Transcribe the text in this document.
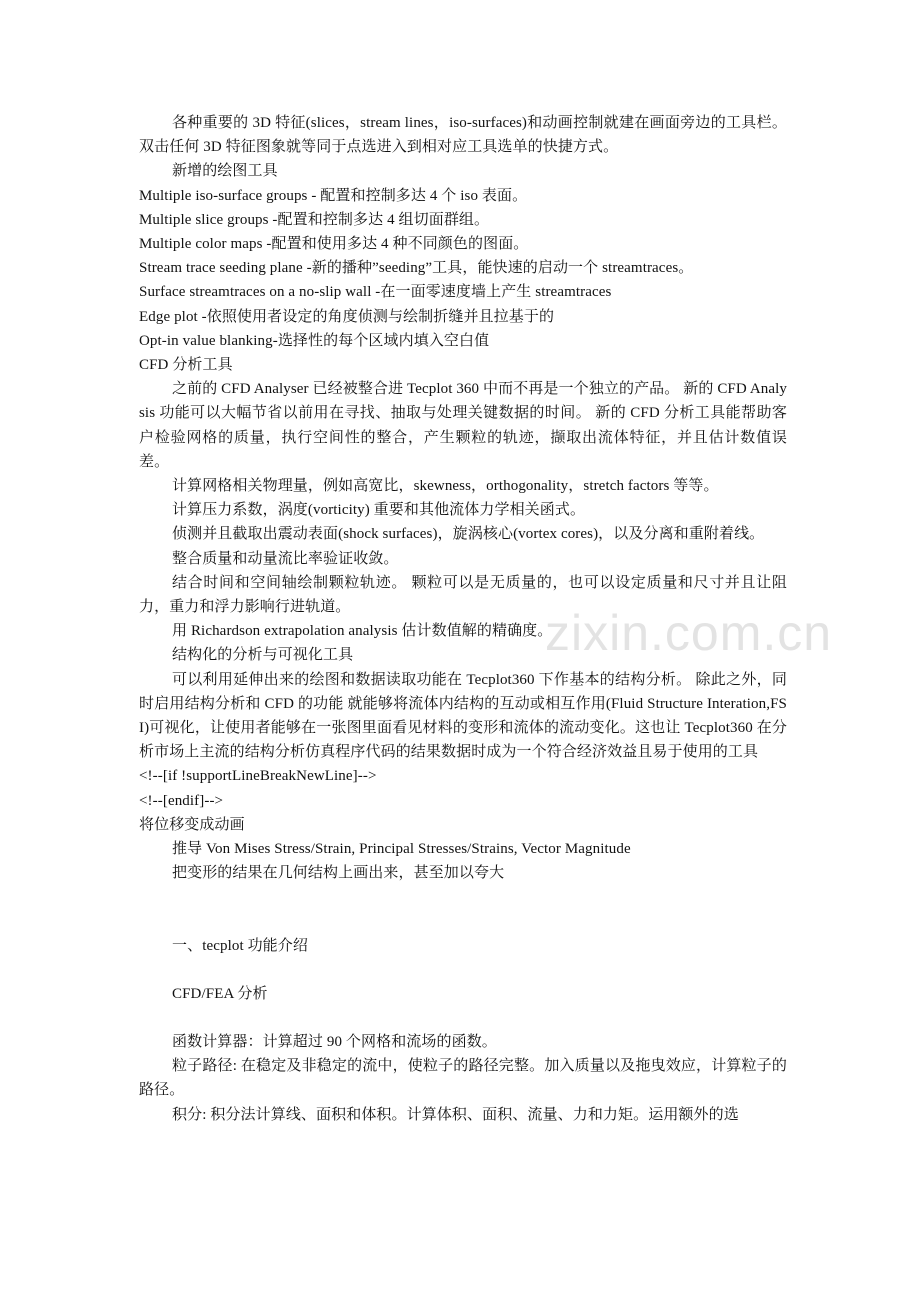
zixin.com.cn

各种重要的 3D 特征(slices，stream lines，iso-surfaces)和动画控制就建在画面旁边的工具栏。 双击任何 3D 特征图象就等同于点选进入到相对应工具选单的快捷方式。

新增的绘图工具

Multiple iso-surface groups - 配置和控制多达 4 个 iso 表面。

Multiple slice groups -配置和控制多达 4 组切面群组。

Multiple color maps -配置和使用多达 4 种不同颜色的图面。

Stream trace seeding plane -新的播种”seeding”工具，能快速的启动一个 streamtraces。

Surface streamtraces on a no-slip wall -在一面零速度墙上产生 streamtraces

Edge plot -依照使用者设定的角度侦测与绘制折缝并且拉基于的

Opt-in value blanking-选择性的每个区域内填入空白值

CFD 分析工具

之前的 CFD Analyser 已经被整合进 Tecplot 360 中而不再是一个独立的产品。 新的 CFD Analysis 功能可以大幅节省以前用在寻找、抽取与处理关键数据的时间。 新的 CFD 分析工具能帮助客户检验网格的质量，执行空间性的整合，产生颗粒的轨迹，撷取出流体特征，并且估计数值误差。

计算网格相关物理量，例如高宽比，skewness，orthogonality，stretch factors 等等。

计算压力系数，涡度(vorticity) 重要和其他流体力学相关函式。

侦测并且截取出震动表面(shock surfaces)，旋涡核心(vortex cores)，以及分离和重附着线。

整合质量和动量流比率验证收敛。

结合时间和空间轴绘制颗粒轨迹。 颗粒可以是无质量的，也可以设定质量和尺寸并且让阻力，重力和浮力影响行进轨道。

用 Richardson extrapolation analysis 估计数值解的精确度。

结构化的分析与可视化工具

可以利用延伸出来的绘图和数据读取功能在 Tecplot360 下作基本的结构分析。 除此之外，同时启用结构分析和 CFD 的功能 就能够将流体内结构的互动或相互作用(Fluid Structure Interation,FSI)可视化，让使用者能够在一张图里面看见材料的变形和流体的流动变化。这也让 Tecplot360 在分析市场上主流的结构分析仿真程序代码的结果数据时成为一个符合经济效益且易于使用的工具

<!--[if !supportLineBreakNewLine]-->

<!--[endif]-->

将位移变成动画

推导 Von Mises Stress/Strain, Principal Stresses/Strains, Vector Magnitude

把变形的结果在几何结构上画出来，甚至加以夸大

一、tecplot 功能介绍

CFD/FEA 分析

函数计算器：计算超过 90 个网格和流场的函数。

粒子路径: 在稳定及非稳定的流中，使粒子的路径完整。加入质量以及拖曳效应，计算粒子的路径。

积分: 积分法计算线、面积和体积。计算体积、面积、流量、力和力矩。运用额外的选
